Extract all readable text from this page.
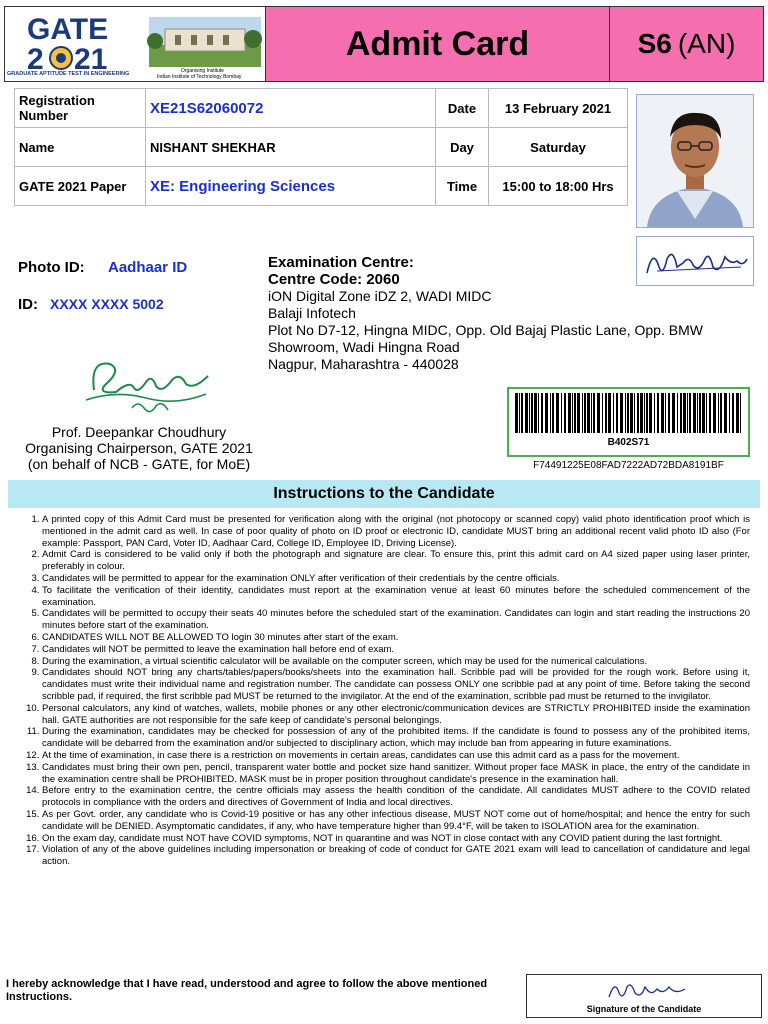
GATE
2 21
GRADUATE APTITUDE TEST IN ENGINEERING	Organising Institute
Indian Institute of Technology Bombay
Admit Card	S6 (AN)
Registration Number	XE21S62060072	Date	13 February 2021
Name	NISHANT SHEKHAR	Day	Saturday
GATE 2021 Paper	XE: Engineering Sciences	Time	15:00 to 18:00 Hrs
Photo ID: Aadhaar ID
ID: XXXX XXXX 5002
Examination Centre:
Centre Code: 2060
iON Digital Zone iDZ 2, WADI MIDC
Balaji Infotech
Plot No D7-12, Hingna MIDC, Opp. Old Bajaj Plastic Lane, Opp. BMW
Showroom, Wadi Hingna Road
Nagpur, Maharashtra - 440028
Prof. Deepankar Choudhury
Organising Chairperson, GATE 2021
(on behalf of NCB - GATE, for MoE)
B402S71
F74491225E08FAD7222AD72BDA8191BF
Instructions to the Candidate
1. A printed copy of this Admit Card must be presented for verification along with the original (not photocopy or scanned copy) valid photo identification proof which is mentioned in the admit card as well. In case of poor quality of photo on ID proof or electronic ID, candidate MUST bring an additional recent valid photo ID also (For example: Passport, PAN Card, Voter ID, Aadhaar Card, College ID, Employee ID, Driving License).
2. Admit Card is considered to be valid only if both the photograph and signature are clear. To ensure this, print this admit card on A4 sized paper using laser printer, preferably in colour.
3. Candidates will be permitted to appear for the examination ONLY after verification of their credentials by the centre officials.
4. To facilitate the verification of their identity, candidates must report at the examination venue at least 60 minutes before the scheduled commencement of the examination.
5. Candidates will be permitted to occupy their seats 40 minutes before the scheduled start of the examination. Candidates can login and start reading the instructions 20 minutes before start of the examination.
6. CANDIDATES WILL NOT BE ALLOWED TO login 30 minutes after start of the exam.
7. Candidates will NOT be permitted to leave the examination hall before end of exam.
8. During the examination, a virtual scientific calculator will be available on the computer screen, which may be used for the numerical calculations.
9. Candidates should NOT bring any charts/tables/papers/books/sheets into the examination hall. Scribble pad will be provided for the rough work. Before using it, candidates must write their individual name and registration number. The candidate can possess ONLY one scribble pad at any point of time. Before taking the second scribble pad, if required, the first scribble pad MUST be returned to the invigilator. At the end of the examination, scribble pad must be returned to the invigilator.
10. Personal calculators, any kind of watches, wallets, mobile phones or any other electronic/communication devices are STRICTLY PROHIBITED inside the examination hall. GATE authorities are not responsible for the safe keep of candidate's personal belongings.
11. During the examination, candidates may be checked for possession of any of the prohibited items. If the candidate is found to possess any of the prohibited items, candidate will be debarred from the examination and/or subjected to disciplinary action, which may include ban from appearing in future examinations.
12. At the time of examination, in case there is a restriction on movements in certain areas, candidates can use this admit card as a pass for the movement.
13. Candidates must bring their own pen, pencil, transparent water bottle and pocket size hand sanitizer. Without proper face MASK in place, the entry of the candidate in the examination centre shall be PROHIBITED. MASK must be in proper position throughout candidate's presence in the examination hall.
14. Before entry to the examination centre, the centre officials may assess the health condition of the candidate. All candidates MUST adhere to the COVID related protocols in compliance with the orders and directives of Government of India and local directives.
15. As per Govt. order, any candidate who is Covid-19 positive or has any other infectious disease, MUST NOT come out of home/hospital; and hence the entry for such candidate will be DENIED. Asymptomatic candidates, if any, who have temperature higher than 99.4°F, will be taken to ISOLATION area for the examination.
16. On the exam day, candidate must NOT have COVID symptoms, NOT in quarantine and was NOT in close contact with any COVID patient during the last fortnight.
17. Violation of any of the above guidelines including impersonation or breaking of code of conduct for GATE 2021 exam will lead to cancellation of candidature and legal action.
I hereby acknowledge that I have read, understood and agree to follow the above mentioned Instructions.
Signature of the Candidate
